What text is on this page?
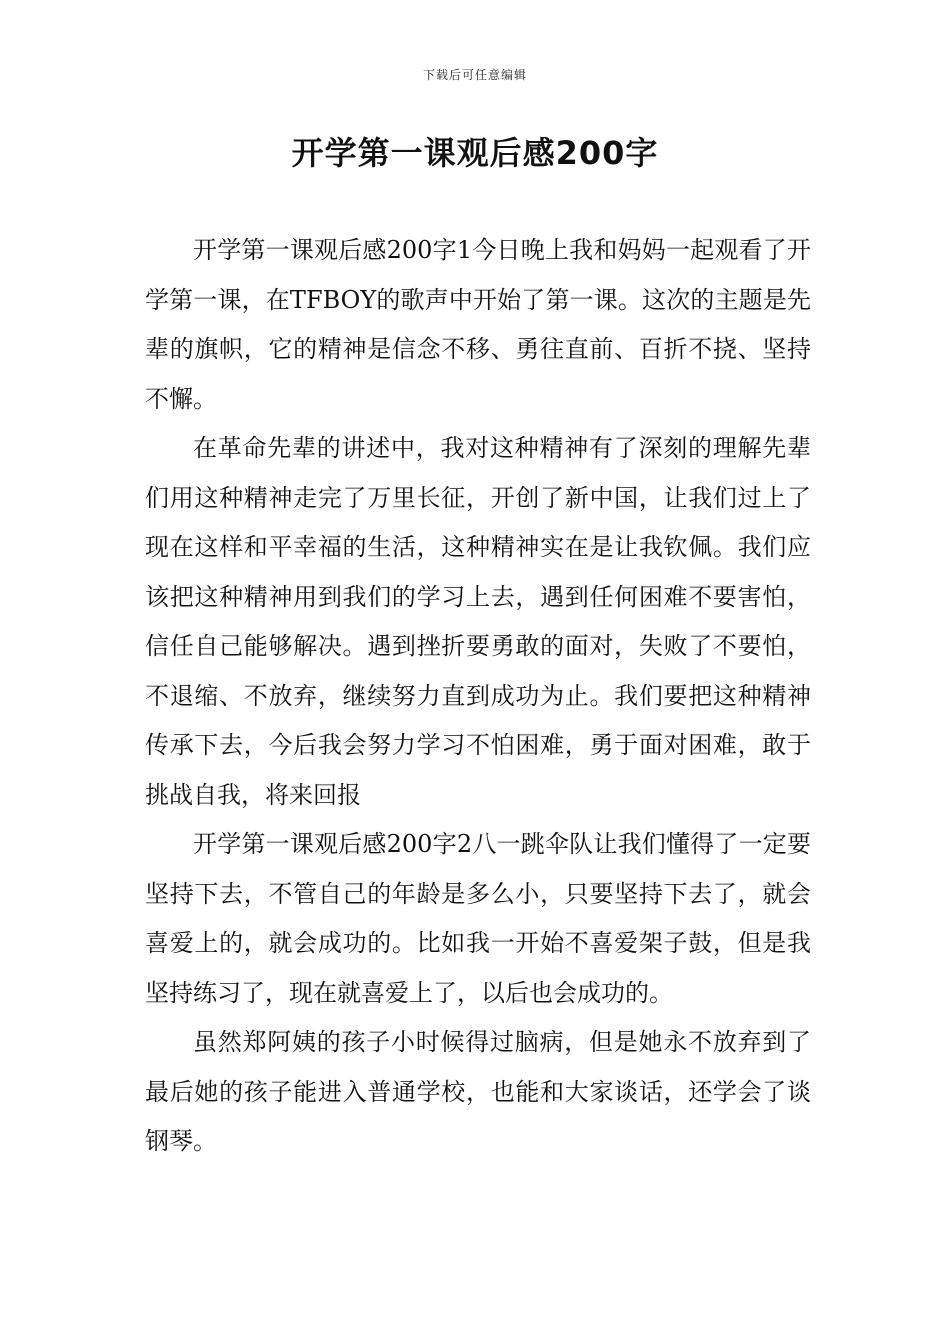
下载后可任意编辑
开学第一课观后感200字

开学第一课观后感200字1今日晚上我和妈妈一起观看了开学第一课，在TFBOY的歌声中开始了第一课。这次的主题是先辈的旗帜，它的精神是信念不移、勇往直前、百折不挠、坚持不懈。

在革命先辈的讲述中，我对这种精神有了深刻的理解先辈们用这种精神走完了万里长征，开创了新中国，让我们过上了现在这样和平幸福的生活，这种精神实在是让我钦佩。我们应该把这种精神用到我们的学习上去，遇到任何困难不要害怕，信任自己能够解决。遇到挫折要勇敢的面对，失败了不要怕，不退缩、不放弃，继续努力直到成功为止。我们要把这种精神传承下去，今后我会努力学习不怕困难，勇于面对困难，敢于挑战自我，将来回报

开学第一课观后感200字2八一跳伞队让我们懂得了一定要坚持下去，不管自己的年龄是多么小，只要坚持下去了，就会喜爱上的，就会成功的。比如我一开始不喜爱架子鼓，但是我坚持练习了，现在就喜爱上了，以后也会成功的。

虽然郑阿姨的孩子小时候得过脑病，但是她永不放弃到了最后她的孩子能进入普通学校，也能和大家谈话，还学会了谈钢琴。
